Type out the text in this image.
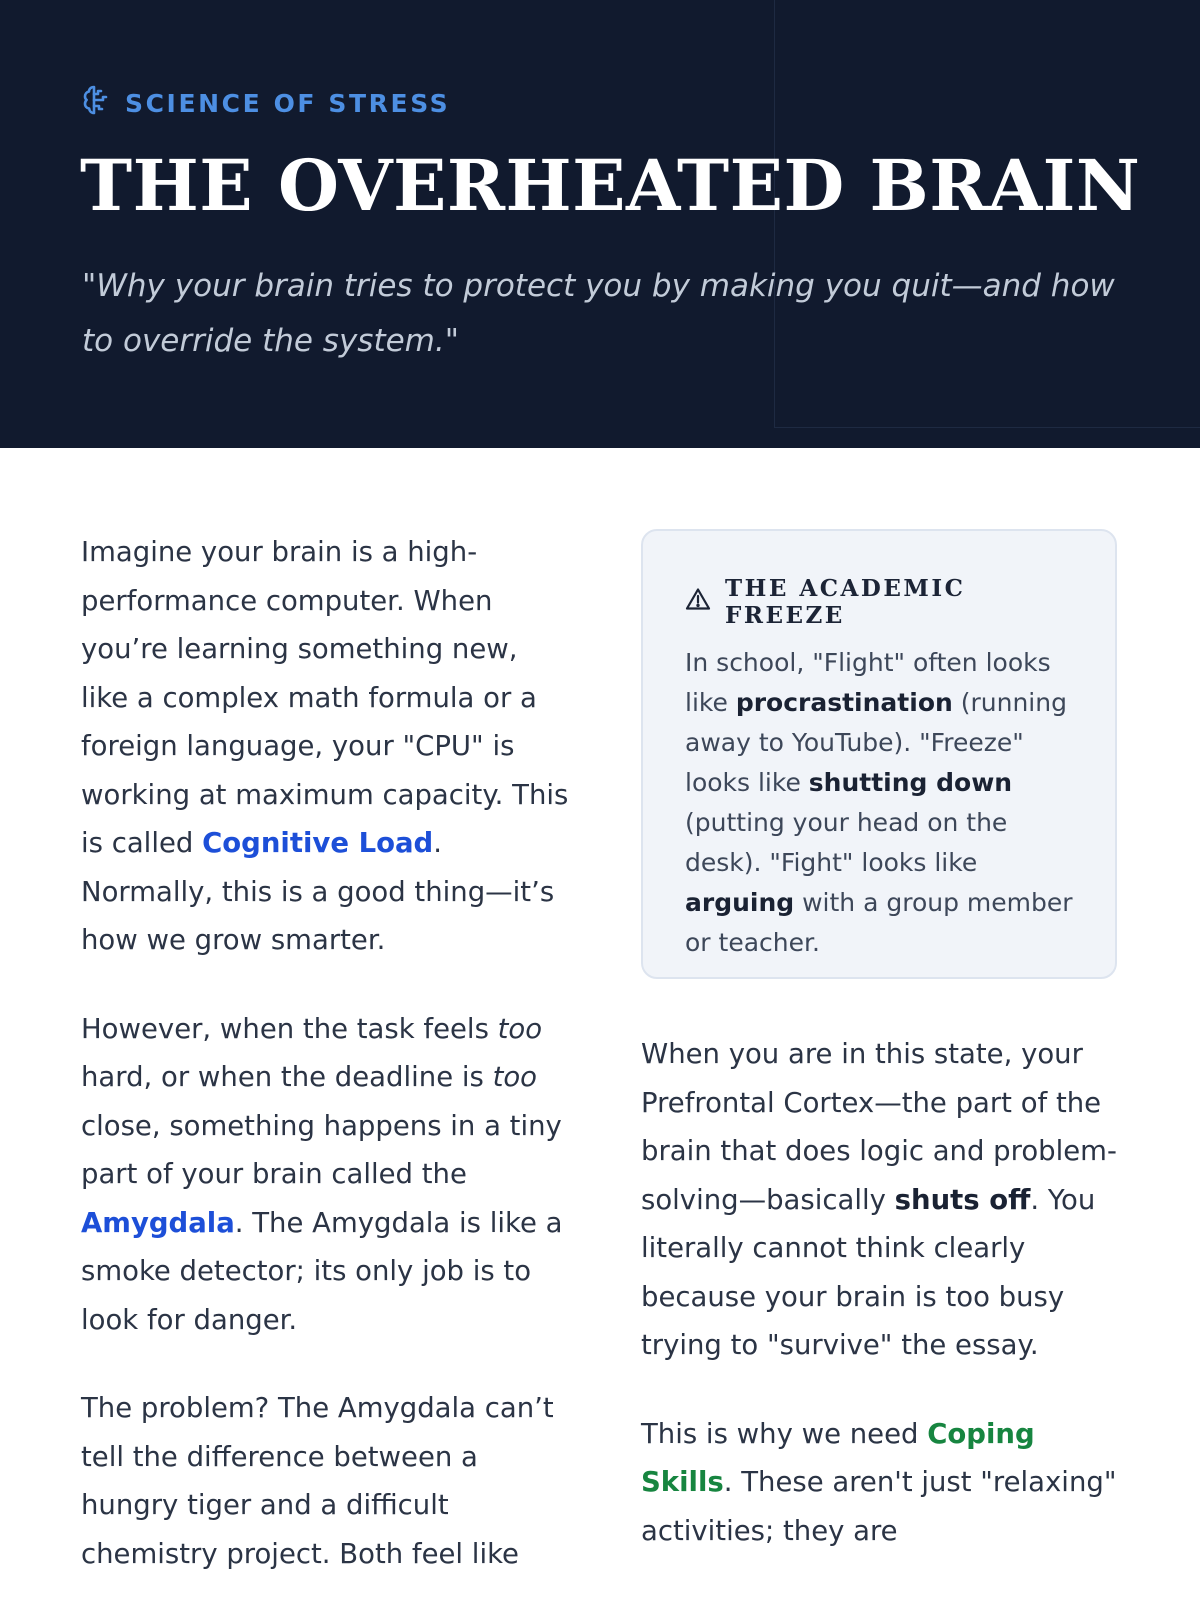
SCIENCE OF STRESS
THE OVERHEATED BRAIN

"Why your brain tries to protect you by making you quit—and how to override the system."

Imagine your brain is a high-performance computer. When you’re learning something new, like a complex math formula or a foreign language, your "CPU" is working at maximum capacity. This is called Cognitive Load. Normally, this is a good thing—it’s how we grow smarter.

However, when the task feels too hard, or when the deadline is too close, something happens in a tiny part of your brain called the Amygdala. The Amygdala is like a smoke detector; its only job is to look for danger.

The problem? The Amygdala can’t tell the difference between a hungry tiger and a difficult chemistry project. Both feel like

THE ACADEMIC FREEZE

In school, "Flight" often looks like procrastination (running away to YouTube). "Freeze" looks like shutting down (putting your head on the desk). "Fight" looks like arguing with a group member or teacher.

When you are in this state, your Prefrontal Cortex—the part of the brain that does logic and problem-solving—basically shuts off. You literally cannot think clearly because your brain is too busy trying to "survive" the essay.

This is why we need Coping Skills. These aren't just "relaxing" activities; they are
